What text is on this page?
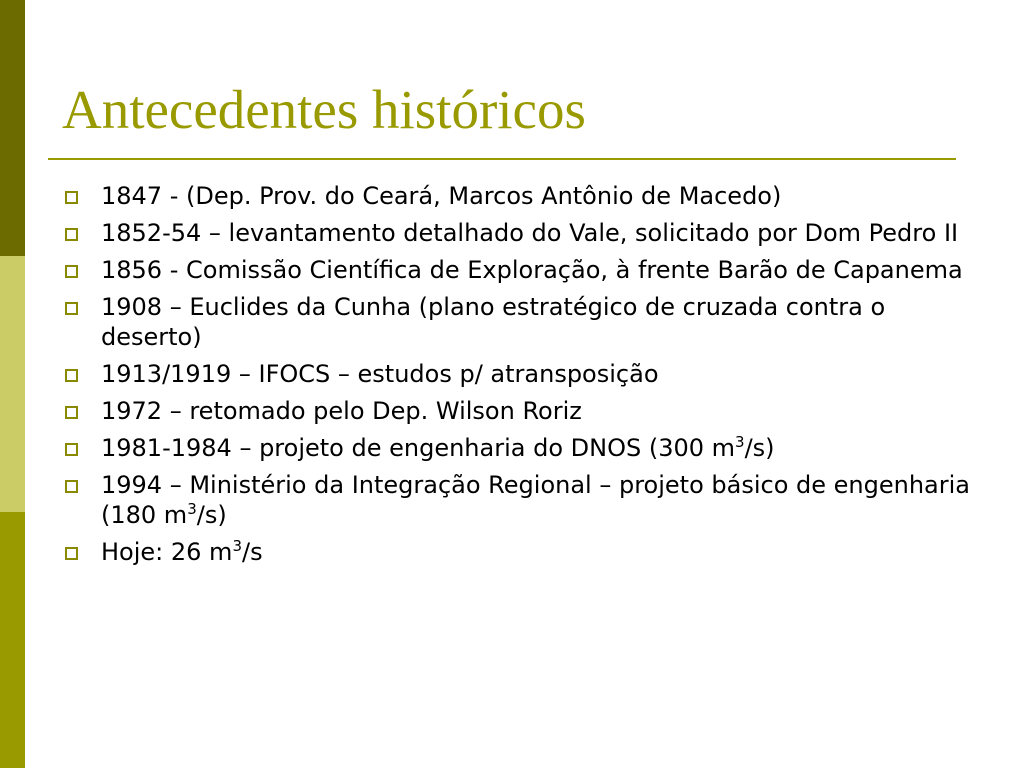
Antecedentes históricos
1847 - (Dep. Prov. do Ceará, Marcos Antônio de Macedo)
1852-54 – levantamento detalhado do Vale, solicitado por Dom Pedro II
1856 - Comissão Científica de Exploração, à frente Barão de Capanema
1908 – Euclides da Cunha (plano estratégico de cruzada contra o deserto)
1913/1919 – IFOCS – estudos p/ atransposição
1972 – retomado pelo Dep. Wilson Roriz
1981-1984 – projeto de engenharia do DNOS (300 $m^3/s$)
1994 – Ministério da Integração Regional – projeto básico de engenharia (180 $m^3/s$)
Hoje: 26 $m^3/s$
